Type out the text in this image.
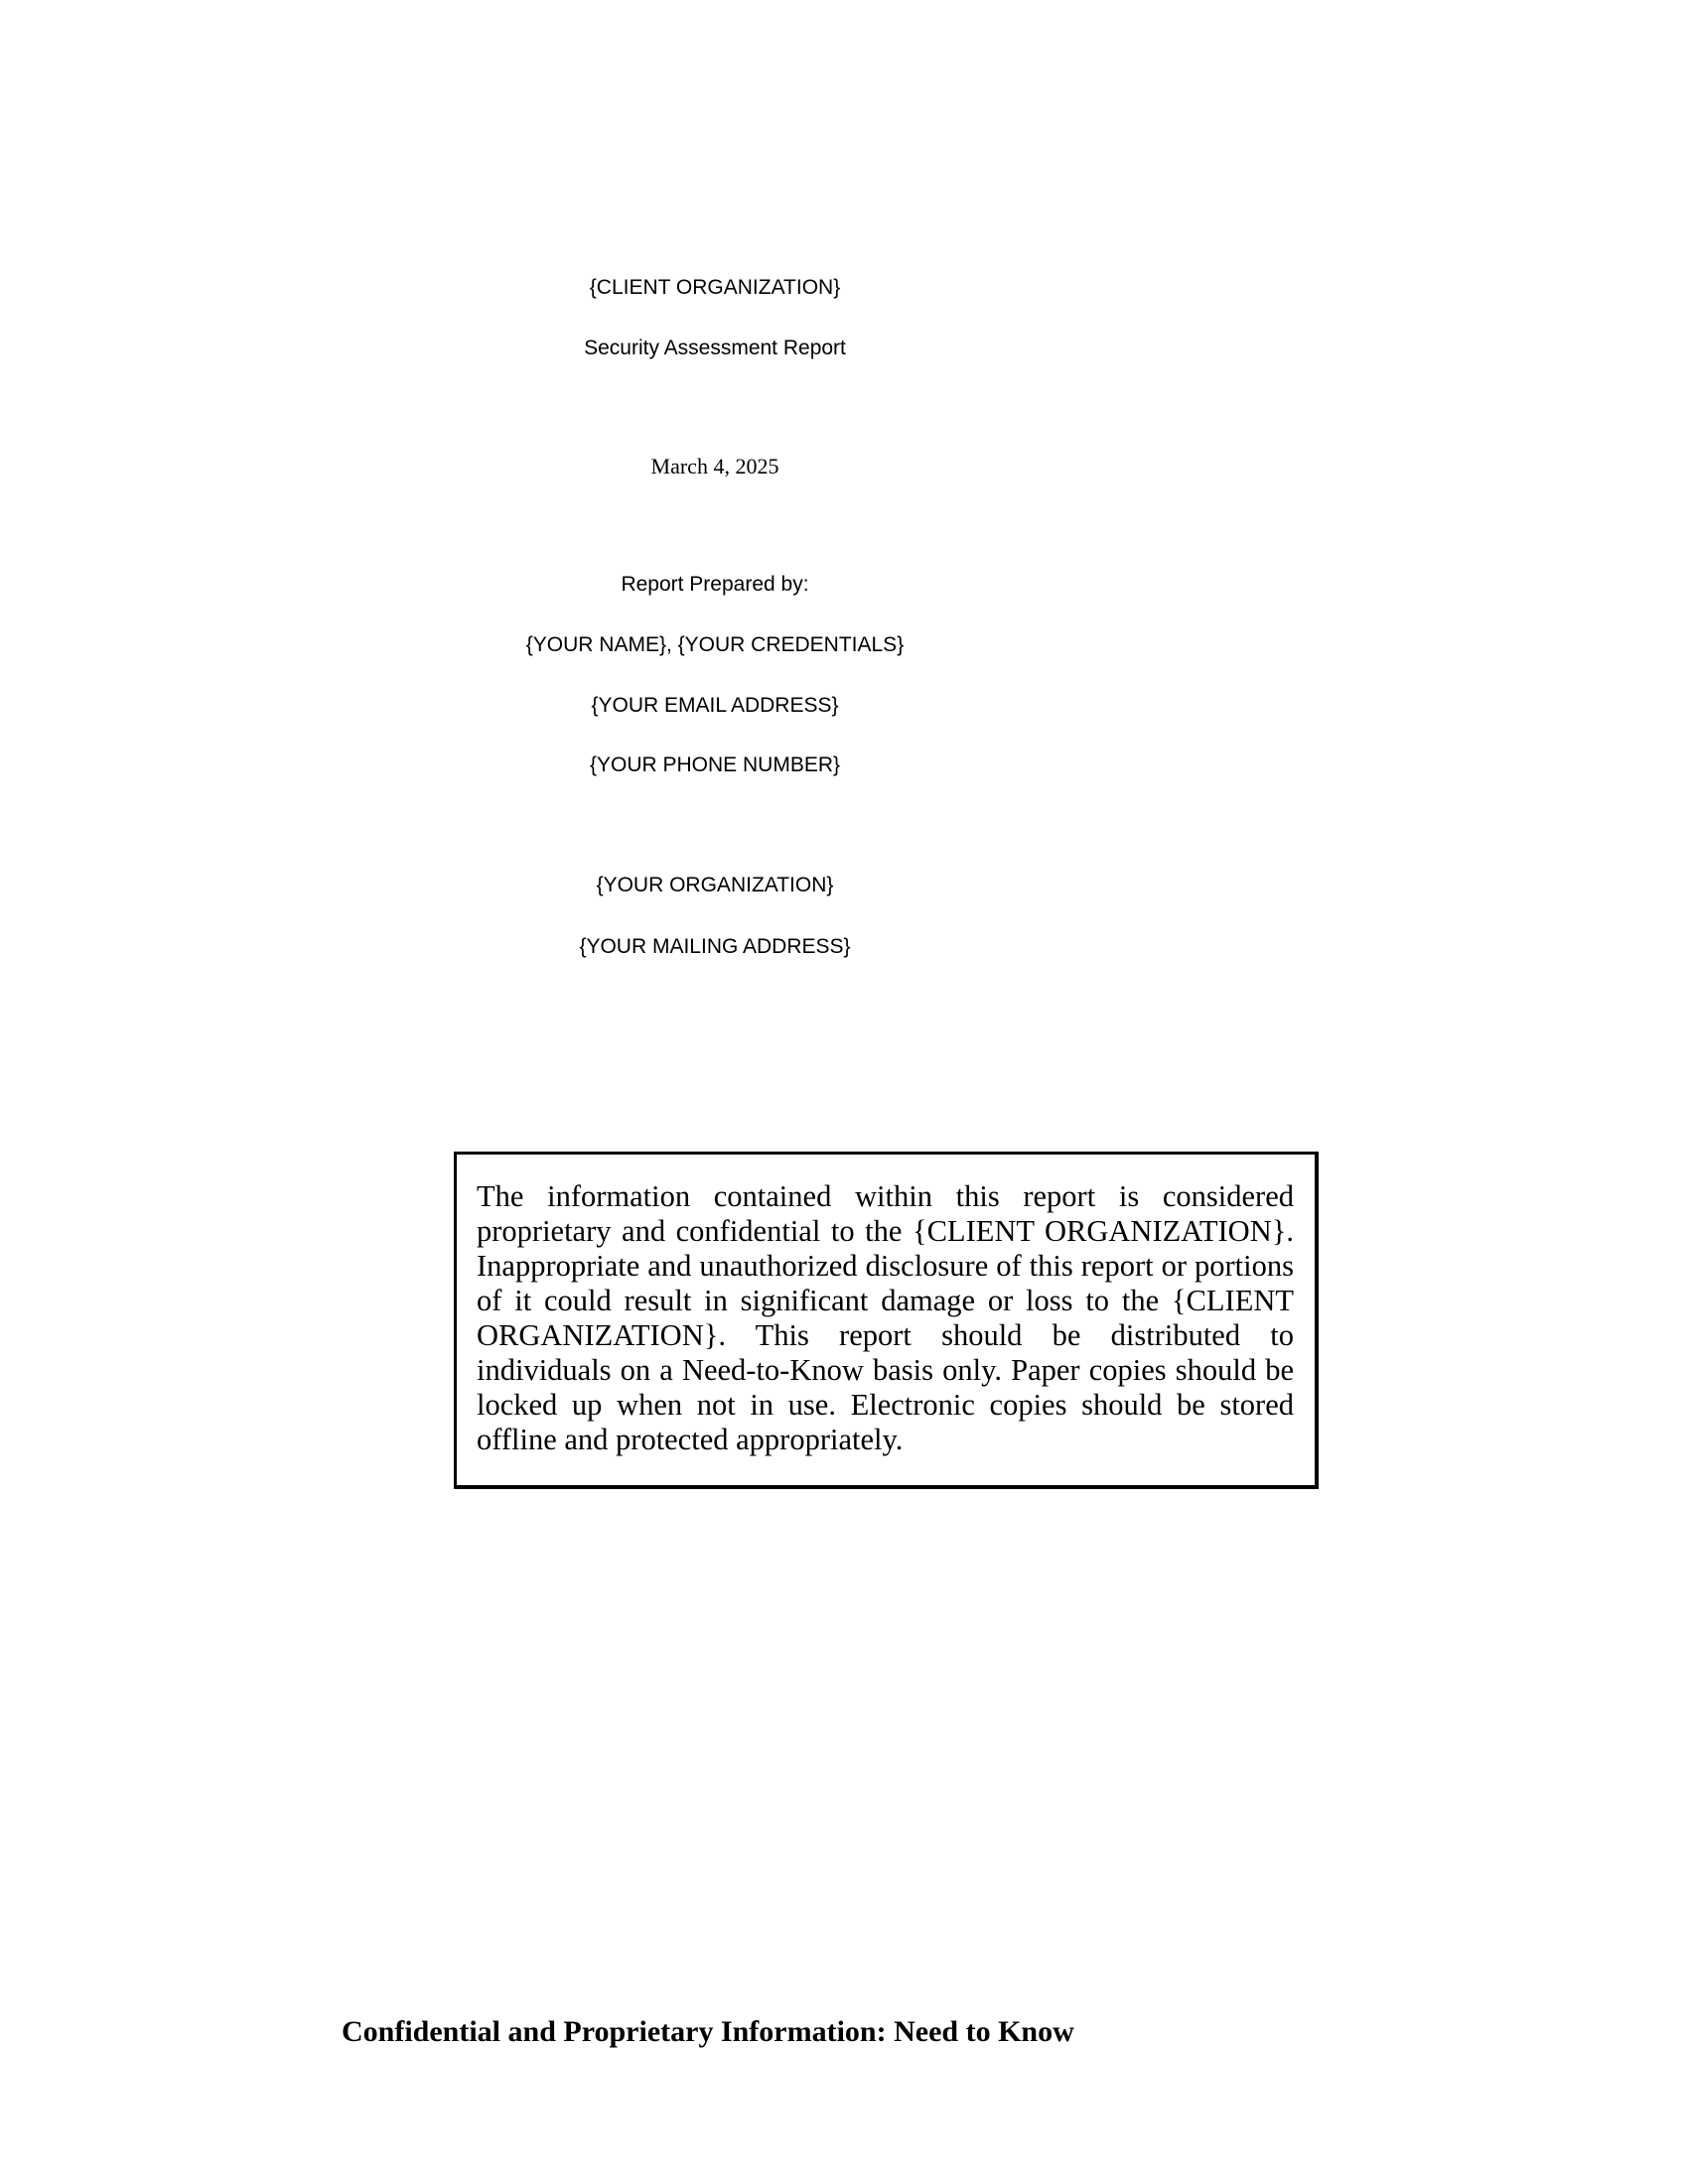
{CLIENT ORGANIZATION}
Security Assessment Report
March 4, 2025
Report Prepared by:
{YOUR NAME}, {YOUR CREDENTIALS}
{YOUR EMAIL ADDRESS}
{YOUR PHONE NUMBER}
{YOUR ORGANIZATION}
{YOUR MAILING ADDRESS}

The information contained within this report is considered proprietary and confidential to the {CLIENT ORGANIZATION}. Inappropriate and unauthorized disclosure of this report or portions of it could result in significant damage or loss to the {CLIENT ORGANIZATION}. This report should be distributed to individuals on a Need-to-Know basis only. Paper copies should be locked up when not in use. Electronic copies should be stored offline and protected appropriately.

Confidential and Proprietary Information: Need to Know
